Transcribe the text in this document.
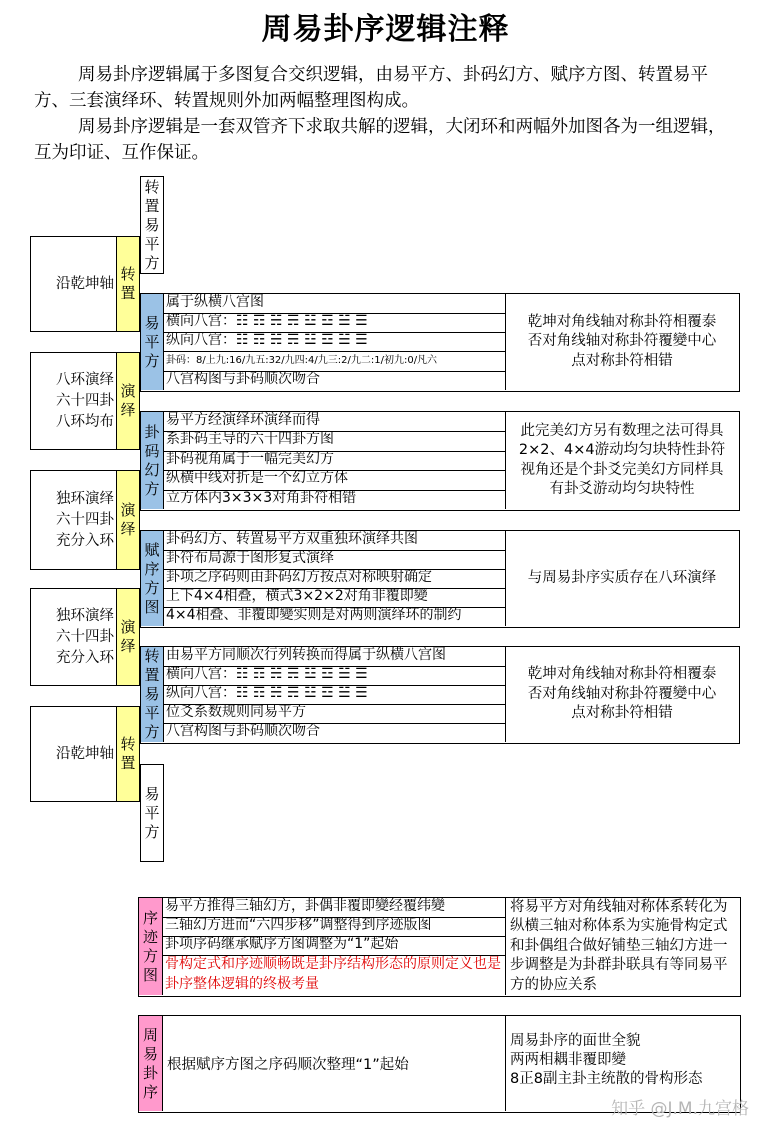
周易卦序逻辑注释

周易卦序逻辑属于多图复合交织逻辑，由易平方、卦码幻方、赋序方图、转置易平方、三套演绎环、转置规则外加两幅整理图构成。

周易卦序逻辑是一套双管齐下求取共解的逻辑，大闭环和两幅外加图各为一组逻辑，互为印证、互作保证。

转置易平方
沿乾坤轴
转置
八环演绎六十四卦八环均布
演绎
独环演绎六十四卦充分入环
演绎
独环演绎六十四卦充分入环
演绎
沿乾坤轴
转置
易平方
属于纵横八宫图
横向八宫：☷ ☶ ☵ ☴ ☳ ☲ ☱ ☰
纵向八宫：☷ ☶ ☵ ☴ ☳ ☲ ☱ ☰
卦码：8/上九:16/九五:32/九四:4/九三:2/九二:1/初九:0/凡六
八宫构图与卦码顺次吻合
乾坤对角线轴对称卦符相覆泰否对角线轴对称卦符覆變中心点对称卦符相错
卦码幻方
易平方经演绎环演绎而得
系卦码主导的六十四卦方图
卦码视角属于一幅完美幻方
纵横中线对折是一个幻立方体
立方体内3×3×3对角卦符相错
此完美幻方另有数理之法可得具2×2、4×4游动均匀块特性卦符视角还是个卦爻完美幻方同样具有卦爻游动均匀块特性
赋序方图
卦码幻方、转置易平方双重独环演绎共图
卦符布局源于图形复式演绎
卦项之序码则由卦码幻方按点对称映射确定
上下4×4相叠，横式3×2×2对角非覆即變
4×4相叠、非覆即變实则是对两则演绎环的制约
与周易卦序实质存在八环演绎
转置易平方
由易平方同顺次行列转换而得属于纵横八宫图
横向八宫：☷ ☶ ☵ ☴ ☳ ☲ ☱ ☰
纵向八宫：☷ ☶ ☵ ☴ ☳ ☲ ☱ ☰
位爻系数规则同易平方
八宫构图与卦码顺次吻合
乾坤对角线轴对称卦符相覆泰否对角线轴对称卦符覆變中心点对称卦符相错
易平方
序迹方图
易平方推得三轴幻方，卦偶非覆即變经覆纬變
三轴幻方进而“六四步移”调整得到序迹版图
卦项序码继承赋序方图调整为“1”起始
骨构定式和序迹顺畅既是卦序结构形态的原则定义也是卦序整体逻辑的终极考量
将易平方对角线轴对称体系转化为纵横三轴对称体系为实施骨构定式和卦偶组合做好铺垫三轴幻方进一步调整是为卦群卦联具有等同易平方的协应关系
周易卦序
根据赋序方图之序码顺次整理“1”起始
周易卦序的面世全貌
两两相耦非覆即變
8正8副主卦主统散的骨构形态
知乎 @J.M.九宫格
